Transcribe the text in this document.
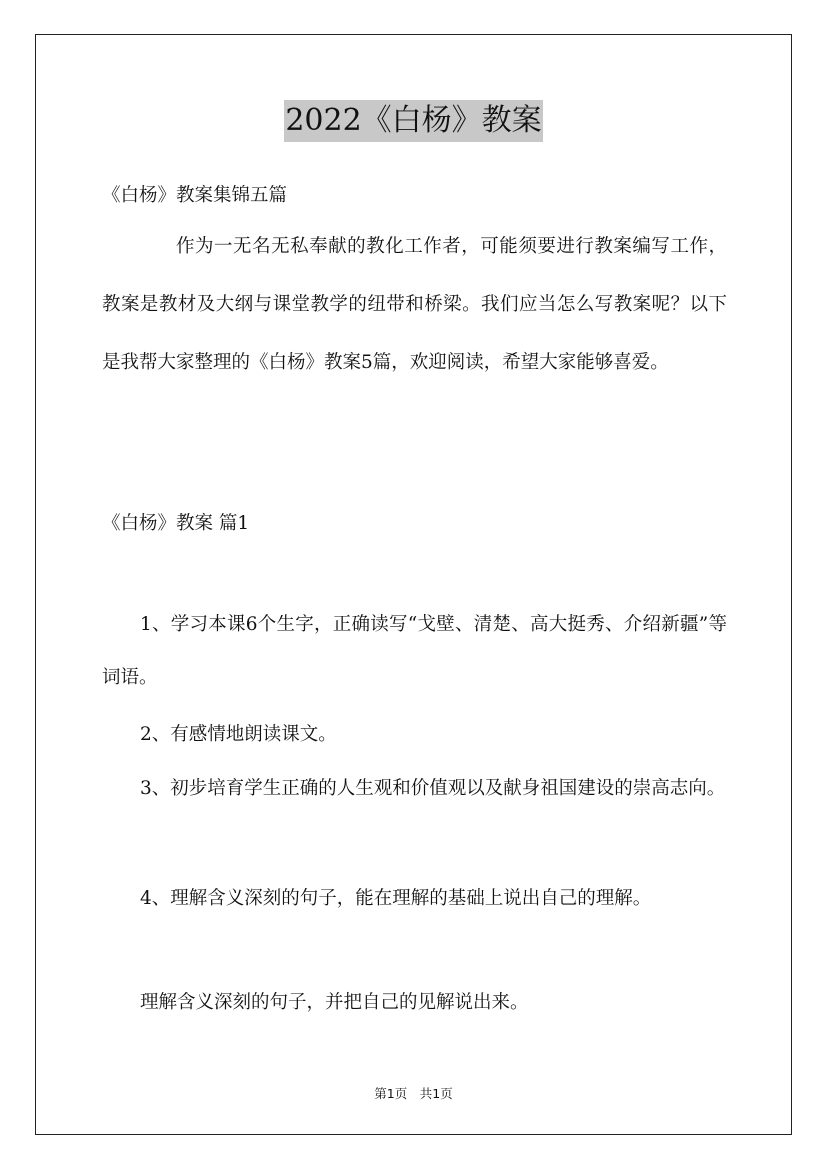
2022《白杨》教案
《白杨》教案集锦五篇
作为一无名无私奉献的教化工作者，可能须要进行教案编写工作，教案是教材及大纲与课堂教学的纽带和桥梁。我们应当怎么写教案呢？以下是我帮大家整理的《白杨》教案5篇，欢迎阅读，希望大家能够喜爱。
《白杨》教案 篇1
1、学习本课6个生字，正确读写“戈壁、清楚、高大挺秀、介绍新疆”等词语。
2、有感情地朗读课文。
3、初步培育学生正确的人生观和价值观以及献身祖国建设的崇高志向。
4、理解含义深刻的句子，能在理解的基础上说出自己的理解。
理解含义深刻的句子，并把自己的见解说出来。
第1页　共1页
